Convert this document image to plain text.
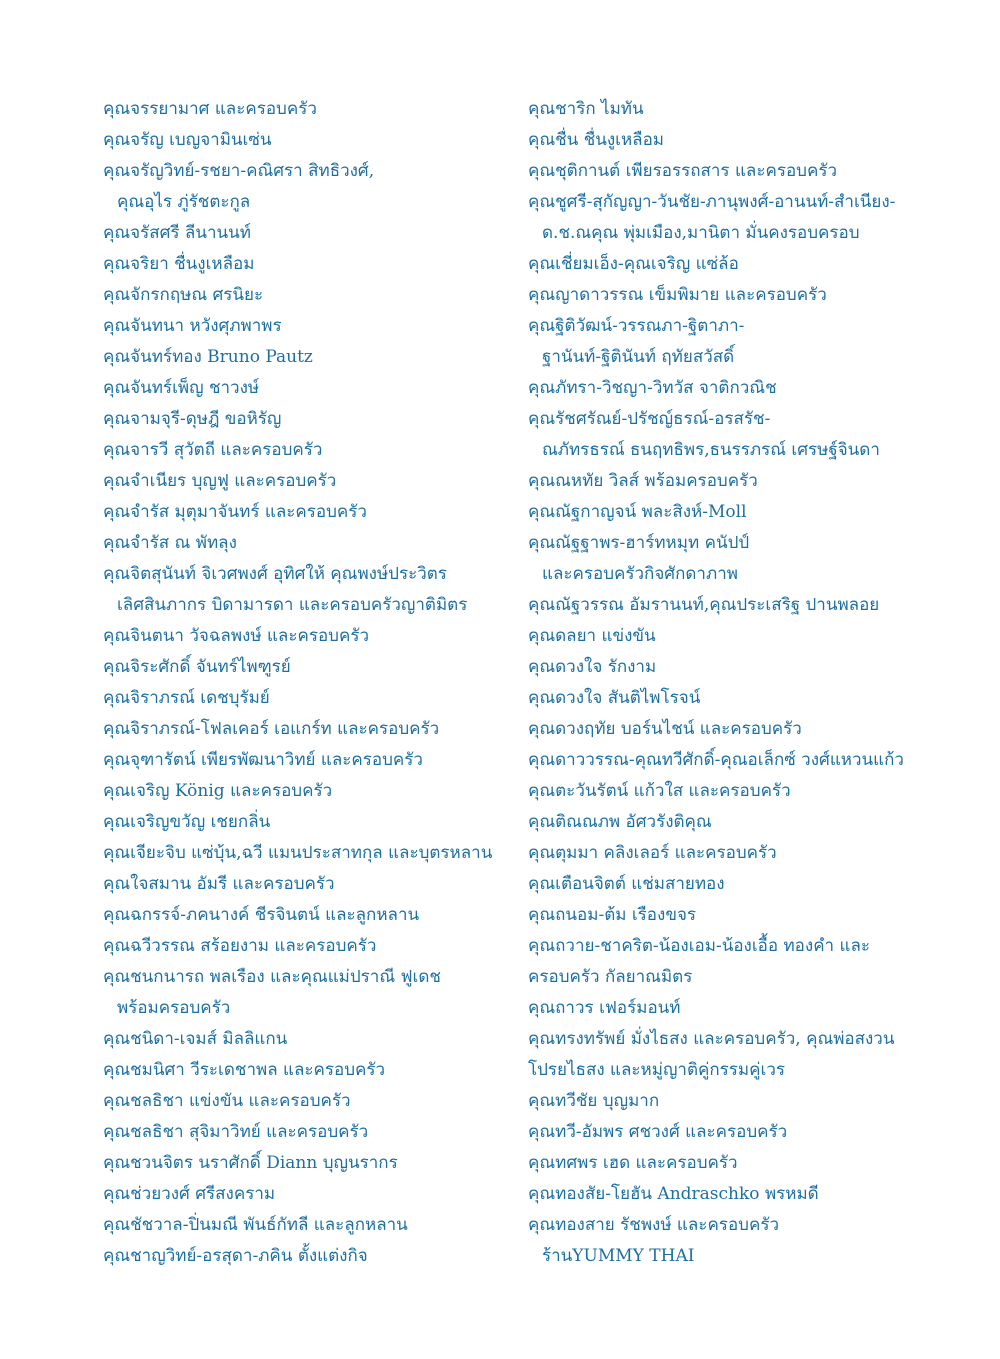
คุณจรรยามาศ และครอบครัว
คุณจรัญ เบญจามินเซ่น
คุณจรัญวิทย์-รชยา-คณิศรา สิทธิวงศ์,
คุณอุไร ภู่รัชตะกูล
คุณจรัสศรี ลีนานนท์
คุณจริยา ชื่นงูเหลือม
คุณจักรกฤษณ ศรนิยะ
คุณจันทนา หวังศุภพาพร
คุณจันทร์ทอง Bruno Pautz
คุณจันทร์เพ็ญ ชาวงษ์
คุณจามจุรี-ดุษฎี ขอหิรัญ
คุณจารวี สุวัตถี และครอบครัว
คุณจำเนียร บุญฟู และครอบครัว
คุณจำรัส มุตุมาจันทร์ และครอบครัว
คุณจำรัส ณ พัทลุง
คุณจิตสุนันท์ จิเวศพงศ์ อุทิศให้ คุณพงษ์ประวิตร
เลิศสินภากร บิดามารดา และครอบครัวญาติมิตร
คุณจินตนา วัจฉลพงษ์ และครอบครัว
คุณจิระศักดิ์ จันทร์ไพฑูรย์
คุณจิราภรณ์ เดชบุรัมย์
คุณจิราภรณ์-โฟลเคอร์ เอแกร์ท และครอบครัว
คุณจุฑารัตน์ เพียรพัฒนาวิทย์ และครอบครัว
คุณเจริญ König และครอบครัว
คุณเจริญขวัญ เชยกลิ่น
คุณเจียะจิบ แซ่บุ้น,ฉวี แมนประสาทกุล และบุตรหลาน
คุณใจสมาน อัมรี และครอบครัว
คุณฉกรรจ์-ภคนางค์ ชีรจินตน์ และลูกหลาน
คุณฉวีวรรณ สร้อยงาม และครอบครัว
คุณชนกนารถ พลเรือง และคุณแม่ปราณี ฟูเดช
พร้อมครอบครัว
คุณชนิดา-เจมส์ มิลลิแกน
คุณชมนิศา วีระเดชาพล และครอบครัว
คุณชลธิชา แข่งขัน และครอบครัว
คุณชลธิชา สุจิมาวิทย์ และครอบครัว
คุณชวนจิตร นราศักดิ์ Diann บุญนรากร
คุณช่วยวงศ์ ศรีสงคราม
คุณชัชวาล-ปิ่นมณี พันธ์กัทลี และลูกหลาน
คุณชาญวิทย์-อรสุดา-ภคิน ตั้งแต่งกิจ
คุณชาริก ไมทัน
คุณชื่น ชื่นงูเหลือม
คุณชุติกานต์ เพียรอรรถสาร และครอบครัว
คุณชูศรี-สุกัญญา-วันชัย-ภานุพงศ์-อานนท์-สำเนียง-
ด.ช.ณคุณ พุ่มเมือง,มานิตา มั่นคงรอบครอบ
คุณเชี่ยมเอ็ง-คุณเจริญ แซ่ล้อ
คุณญาดาวรรณ เข็มพิมาย และครอบครัว
คุณฐิติวัฒน์-วรรณภา-ฐิตาภา-
ฐานันท์-ฐิตินันท์ ฤทัยสวัสดิ์
คุณภัทรา-วิชญา-วิทวัส จาติกวณิช
คุณรัชศรัณย์-ปรัชญ์ธรณ์-อรสรัช-
ณภัทรธรณ์ ธนฤทธิพร,ธนรรภรณ์ เศรษฐ์จินดา
คุณณหทัย วิลส์ พร้อมครอบครัว
คุณณัฐกาญจน์ พละสิงห์-Moll
คุณณัฐฐาพร-ฮาร์ทหมุท คนัปป์
และครอบครัวกิจศักดาภาพ
คุณณัฐวรรณ อัมรานนท์,คุณประเสริฐ ปานพลอย
คุณดลยา แข่งขัน
คุณดวงใจ รักงาม
คุณดวงใจ สันติไพโรจน์
คุณดวงฤทัย บอร์นไชน์ และครอบครัว
คุณดาววรรณ-คุณทวีศักดิ์-คุณอเล็กซ์ วงศ์แหวนแก้ว
คุณตะวันรัตน์ แก้วใส และครอบครัว
คุณติณณภพ อัศวรังติคุณ
คุณตุมมา คลิงเลอร์ และครอบครัว
คุณเตือนจิตต์ แช่มสายทอง
คุณถนอม-ต้ม เรืองขจร
คุณถวาย-ชาคริต-น้องเอม-น้องเอื้อ ทองคำ และ
ครอบครัว กัลยาณมิตร
คุณถาวร เฟอร์มอนท์
คุณทรงทรัพย์ มั่งไธสง และครอบครัว, คุณพ่อสงวน
โปรยไธสง และหมู่ญาติคู่กรรมคู่เวร
คุณทวีชัย บุญมาก
คุณทวี-อัมพร ศชวงศ์ และครอบครัว
คุณทศพร เฮด และครอบครัว
คุณทองสัย-โยฮัน Andraschko พรหมดี
คุณทองสาย รัชพงษ์ และครอบครัว
ร้านYUMMY THAI
